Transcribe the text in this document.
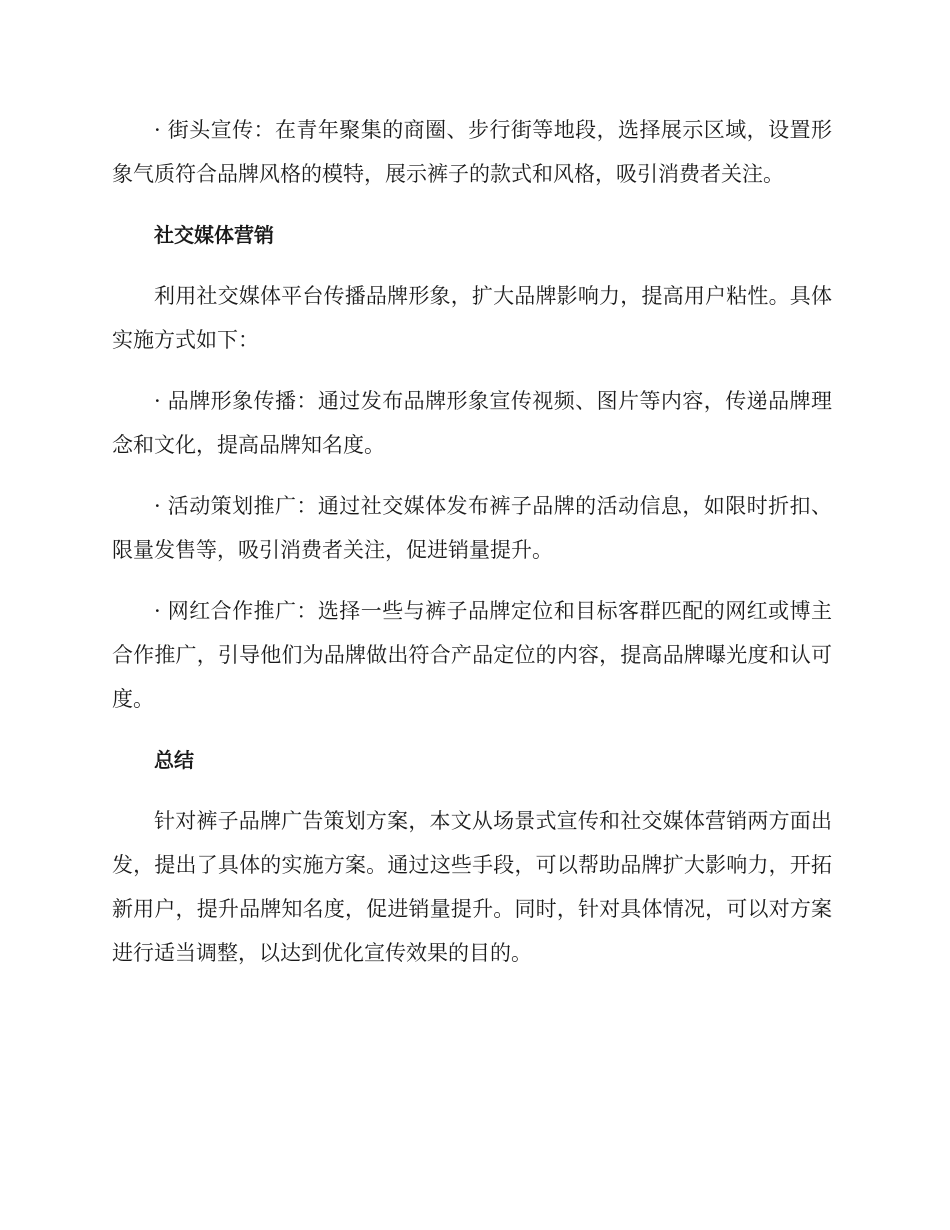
· 街头宣传：在青年聚集的商圈、步行街等地段，选择展示区域，设置形象气质符合品牌风格的模特，展示裤子的款式和风格，吸引消费者关注。

社交媒体营销

利用社交媒体平台传播品牌形象，扩大品牌影响力，提高用户粘性。具体实施方式如下：

· 品牌形象传播：通过发布品牌形象宣传视频、图片等内容，传递品牌理念和文化，提高品牌知名度。

· 活动策划推广：通过社交媒体发布裤子品牌的活动信息，如限时折扣、限量发售等，吸引消费者关注，促进销量提升。

· 网红合作推广：选择一些与裤子品牌定位和目标客群匹配的网红或博主合作推广，引导他们为品牌做出符合产品定位的内容，提高品牌曝光度和认可度。

总结

针对裤子品牌广告策划方案，本文从场景式宣传和社交媒体营销两方面出发，提出了具体的实施方案。通过这些手段，可以帮助品牌扩大影响力，开拓新用户，提升品牌知名度，促进销量提升。同时，针对具体情况，可以对方案进行适当调整，以达到优化宣传效果的目的。
